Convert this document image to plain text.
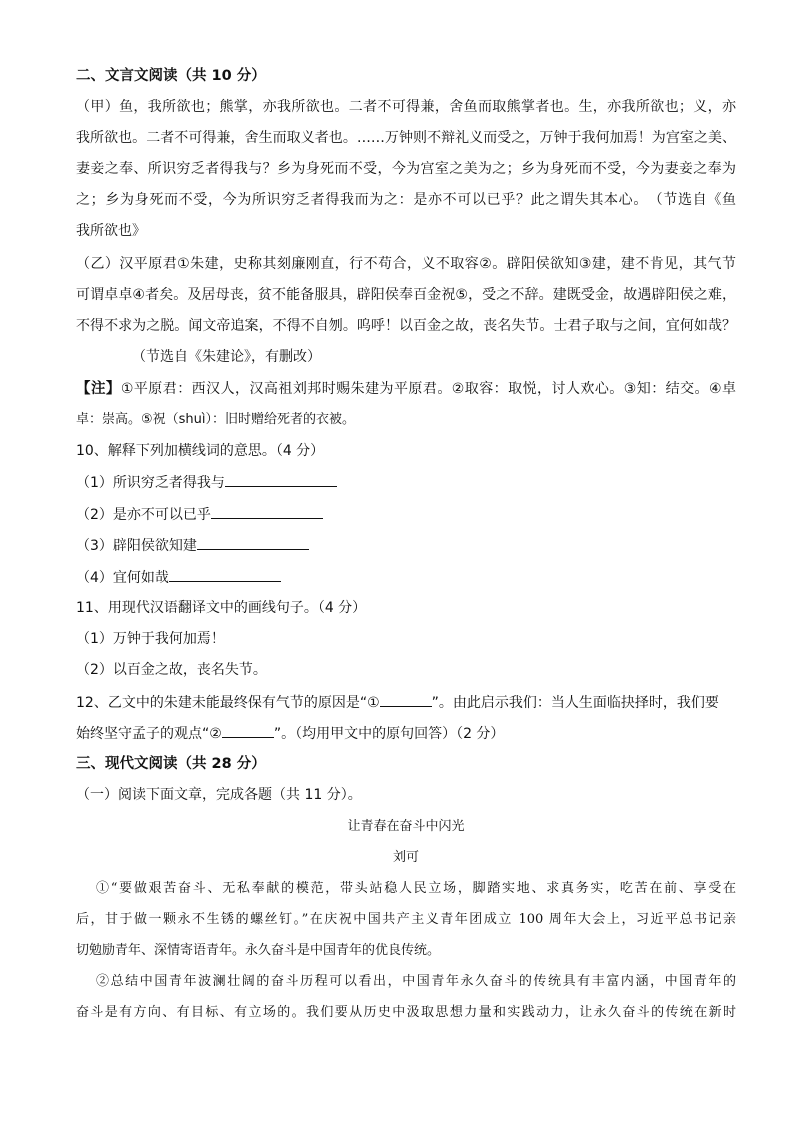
二、文言文阅读（共 10 分）
（甲）鱼，我所欲也；熊掌，亦我所欲也。二者不可得兼，舍鱼而取熊掌者也。生，亦我所欲也；义，亦
我所欲也。二者不可得兼，舍生而取义者也。……万钟则不辩礼义而受之，万钟于我何加焉！为宫室之美、
妻妾之奉、所识穷乏者得我与？乡为身死而不受，今为宫室之美为之；乡为身死而不受，今为妻妾之奉为
之；乡为身死而不受，今为所识穷乏者得我而为之：是亦不可以已乎？此之谓失其本心。　（节选自《鱼
我所欲也》
（乙）汉平原君①朱建，史称其刻廉刚直，行不苟合，义不取容②。辟阳侯欲知③建，建不肯见，其气节
可谓卓卓④者矣。及居母丧，贫不能备服具，辟阳侯奉百金祝⑤，受之不辞。建既受金，故遇辟阳侯之难，
不得不求为之脱。闻文帝追案，不得不自刎。呜呼！以百金之故，丧名失节。士君子取与之间，宜何如哉？
（节选自《朱建论》，有删改）
【注】①平原君：西汉人，汉高祖刘邦时赐朱建为平原君。②取容：取悦，讨人欢心。③知：结交。④卓
卓：崇高。⑤祝（shuì）：旧时赠给死者的衣被。
10、解释下列加横线词的意思。（4 分）
（1）所识穷乏者得我与
（2）是亦不可以已乎
（3）辟阳侯欲知建
（4）宜何如哉
11、用现代汉语翻译文中的画线句子。（4 分）
（1）万钟于我何加焉！
（2）以百金之故，丧名失节。
12、乙文中的朱建未能最终保有气节的原因是“①	”。由此启示我们：当人生面临抉择时，我们要
始终坚守孟子的观点“②	”。（均用甲文中的原句回答）（2 分）
三、现代文阅读（共 28 分）
（一）阅读下面文章，完成各题（共 11 分）。
让青春在奋斗中闪光
刘可
①“要做艰苦奋斗、无私奉献的模范，带头站稳人民立场，脚踏实地、求真务实，吃苦在前、享受在
后，甘于做一颗永不生锈的螺丝钉。”在庆祝中国共产主义青年团成立 100 周年大会上，习近平总书记亲
切勉励青年、深情寄语青年。永久奋斗是中国青年的优良传统。
②总结中国青年波澜壮阔的奋斗历程可以看出，中国青年永久奋斗的传统具有丰富内涵，中国青年的
奋斗是有方向、有目标、有立场的。我们要从历史中汲取思想力量和实践动力，让永久奋斗的传统在新时
